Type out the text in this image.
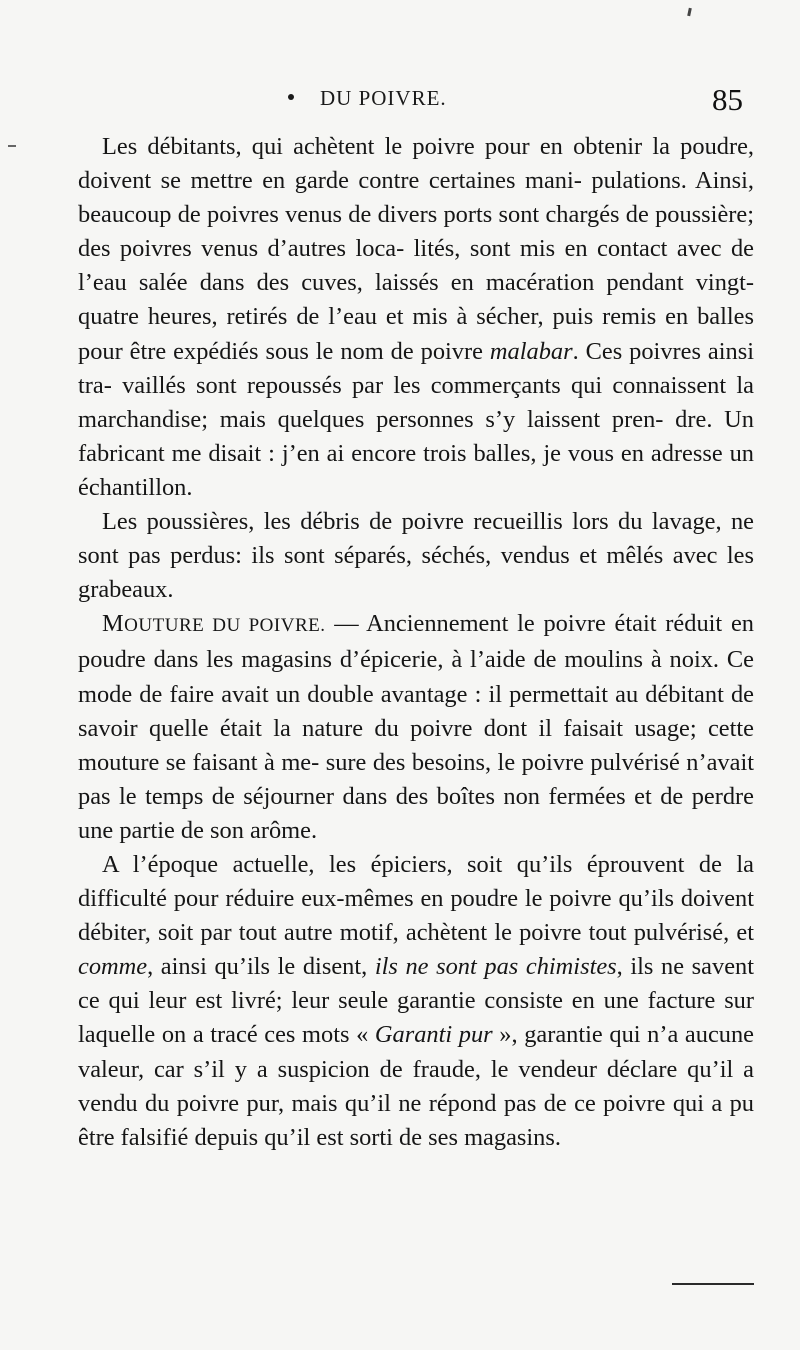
DU POIVRE.	85

Les débitants, qui achètent le poivre pour en obtenir la poudre, doivent se mettre en garde contre certaines mani- pulations. Ainsi, beaucoup de poivres venus de divers ports sont chargés de poussière; des poivres venus d’autres loca- lités, sont mis en contact avec de l’eau salée dans des cuves, laissés en macération pendant vingt-quatre heures, retirés de l’eau et mis à sécher, puis remis en balles pour être expédiés sous le nom de poivre malabar. Ces poivres ainsi tra- vaillés sont repoussés par les commerçants qui connaissent la marchandise; mais quelques personnes s’y laissent pren- dre. Un fabricant me disait : j’en ai encore trois balles, je vous en adresse un échantillon.

Les poussières, les débris de poivre recueillis lors du lavage, ne sont pas perdus: ils sont séparés, séchés, vendus et mêlés avec les grabeaux.

MOUTURE DU POIVRE. — Anciennement le poivre était réduit en poudre dans les magasins d’épicerie, à l’aide de moulins à noix. Ce mode de faire avait un double avantage : il permettait au débitant de savoir quelle était la nature du poivre dont il faisait usage; cette mouture se faisant à me- sure des besoins, le poivre pulvérisé n’avait pas le temps de séjourner dans des boîtes non fermées et de perdre une partie de son arôme.

A l’époque actuelle, les épiciers, soit qu’ils éprouvent de la difficulté pour réduire eux-mêmes en poudre le poivre qu’ils doivent débiter, soit par tout autre motif, achètent le poivre tout pulvérisé, et comme, ainsi qu’ils le disent, ils ne sont pas chimistes, ils ne savent ce qui leur est livré; leur seule garantie consiste en une facture sur laquelle on a tracé ces mots « Garanti pur », garantie qui n’a aucune valeur, car s’il y a suspicion de fraude, le vendeur déclare qu’il a vendu du poivre pur, mais qu’il ne répond pas de ce poivre qui a pu être falsifié depuis qu’il est sorti de ses magasins.
